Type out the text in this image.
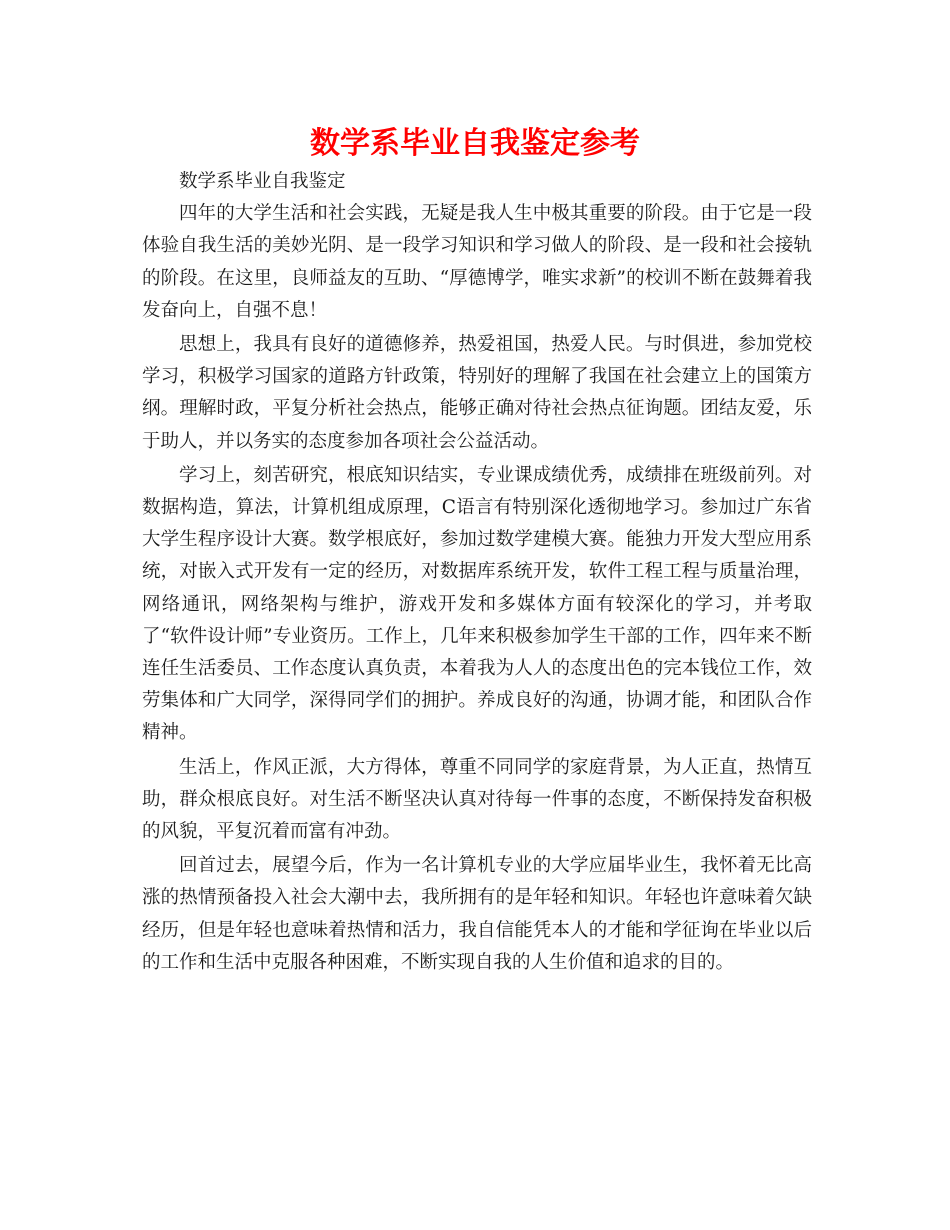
数学系毕业自我鉴定参考

数学系毕业自我鉴定

四年的大学生活和社会实践，无疑是我人生中极其重要的阶段。由于它是一段体验自我生活的美妙光阴、是一段学习知识和学习做人的阶段、是一段和社会接轨的阶段。在这里，良师益友的互助、“厚德博学，唯实求新”的校训不断在鼓舞着我发奋向上，自强不息！

思想上，我具有良好的道德修养，热爱祖国，热爱人民。与时俱进，参加党校学习，积极学习国家的道路方针政策，特别好的理解了我国在社会建立上的国策方纲。理解时政，平复分析社会热点，能够正确对待社会热点征询题。团结友爱，乐于助人，并以务实的态度参加各项社会公益活动。

学习上，刻苦研究，根底知识结实，专业课成绩优秀，成绩排在班级前列。对数据构造，算法，计算机组成原理，C语言有特别深化透彻地学习。参加过广东省大学生程序设计大赛。数学根底好，参加过数学建模大赛。能独力开发大型应用系统，对嵌入式开发有一定的经历，对数据库系统开发，软件工程工程与质量治理，网络通讯，网络架构与维护，游戏开发和多媒体方面有较深化的学习，并考取了“软件设计师”专业资历。工作上，几年来积极参加学生干部的工作，四年来不断连任生活委员、工作态度认真负责，本着我为人人的态度出色的完本钱位工作，效劳集体和广大同学，深得同学们的拥护。养成良好的沟通，协调才能，和团队合作精神。

生活上，作风正派，大方得体，尊重不同同学的家庭背景，为人正直，热情互助，群众根底良好。对生活不断坚决认真对待每一件事的态度，不断保持发奋积极的风貌，平复沉着而富有冲劲。

回首过去，展望今后，作为一名计算机专业的大学应届毕业生，我怀着无比高涨的热情预备投入社会大潮中去，我所拥有的是年轻和知识。年轻也许意味着欠缺经历，但是年轻也意味着热情和活力，我自信能凭本人的才能和学征询在毕业以后的工作和生活中克服各种困难，不断实现自我的人生价值和追求的目的。
